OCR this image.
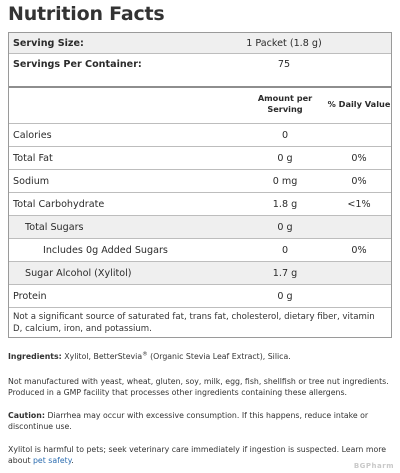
Nutrition Facts
Serving Size:	1 Packet (1.8 g)
Servings Per Container:	75
Amount per
Serving	% Daily Value
Calories	0
Total Fat	0 g	0%
Sodium	0 mg	0%
Total Carbohydrate	1.8 g	<1%
Total Sugars	0 g
Includes 0g Added Sugars	0	0%
Sugar Alcohol (Xylitol)	1.7 g
Protein	0 g
Not a significant source of saturated fat, trans fat, cholesterol, dietary fiber, vitamin D, calcium, iron, and potassium.
Ingredients: Xylitol, BetterStevia® (Organic Stevia Leaf Extract), Silica.
Not manufactured with yeast, wheat, gluten, soy, milk, egg, fish, shellfish or tree nut ingredients. Produced in a GMP facility that processes other ingredients containing these allergens.
Caution: Diarrhea may occur with excessive consumption. If this happens, reduce intake or discontinue use.
Xylitol is harmful to pets; seek veterinary care immediately if ingestion is suspected. Learn more about pet safety.
BGPharm
